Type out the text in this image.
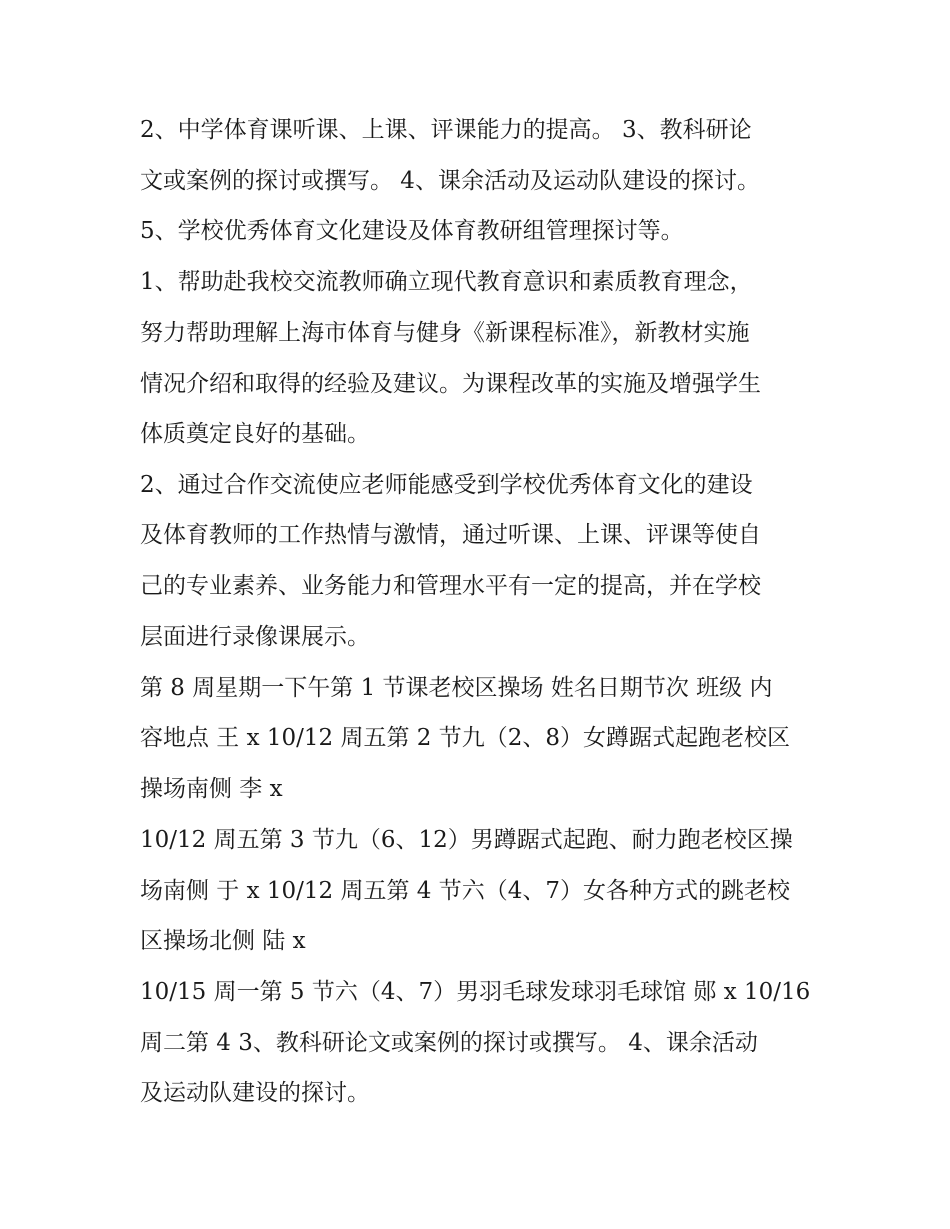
2、中学体育课听课、上课、评课能力的提高。 3、教科研论

文或案例的探讨或撰写。 4、课余活动及运动队建设的探讨。

5、学校优秀体育文化建设及体育教研组管理探讨等。

1、帮助赴我校交流教师确立现代教育意识和素质教育理念，

努力帮助理解上海市体育与健身《新课程标准》，新教材实施

情况介绍和取得的经验及建议。为课程改革的实施及增强学生

体质奠定良好的基础。

2、通过合作交流使应老师能感受到学校优秀体育文化的建设

及体育教师的工作热情与激情，通过听课、上课、评课等使自

己的专业素养、业务能力和管理水平有一定的提高，并在学校

层面进行录像课展示。

第 8 周星期一下午第 1 节课老校区操场 姓名日期节次 班级 内

容地点 王 x 10/12 周五第 2 节九（2、8）女蹲踞式起跑老校区

操场南侧 李 x

10/12 周五第 3 节九（6、12）男蹲踞式起跑、耐力跑老校区操

场南侧 于 x 10/12 周五第 4 节六（4、7）女各种方式的跳老校

区操场北侧 陆 x

10/15 周一第 5 节六（4、7）男羽毛球发球羽毛球馆 郧 x 10/16

周二第 4 3、教科研论文或案例的探讨或撰写。 4、课余活动

及运动队建设的探讨。
